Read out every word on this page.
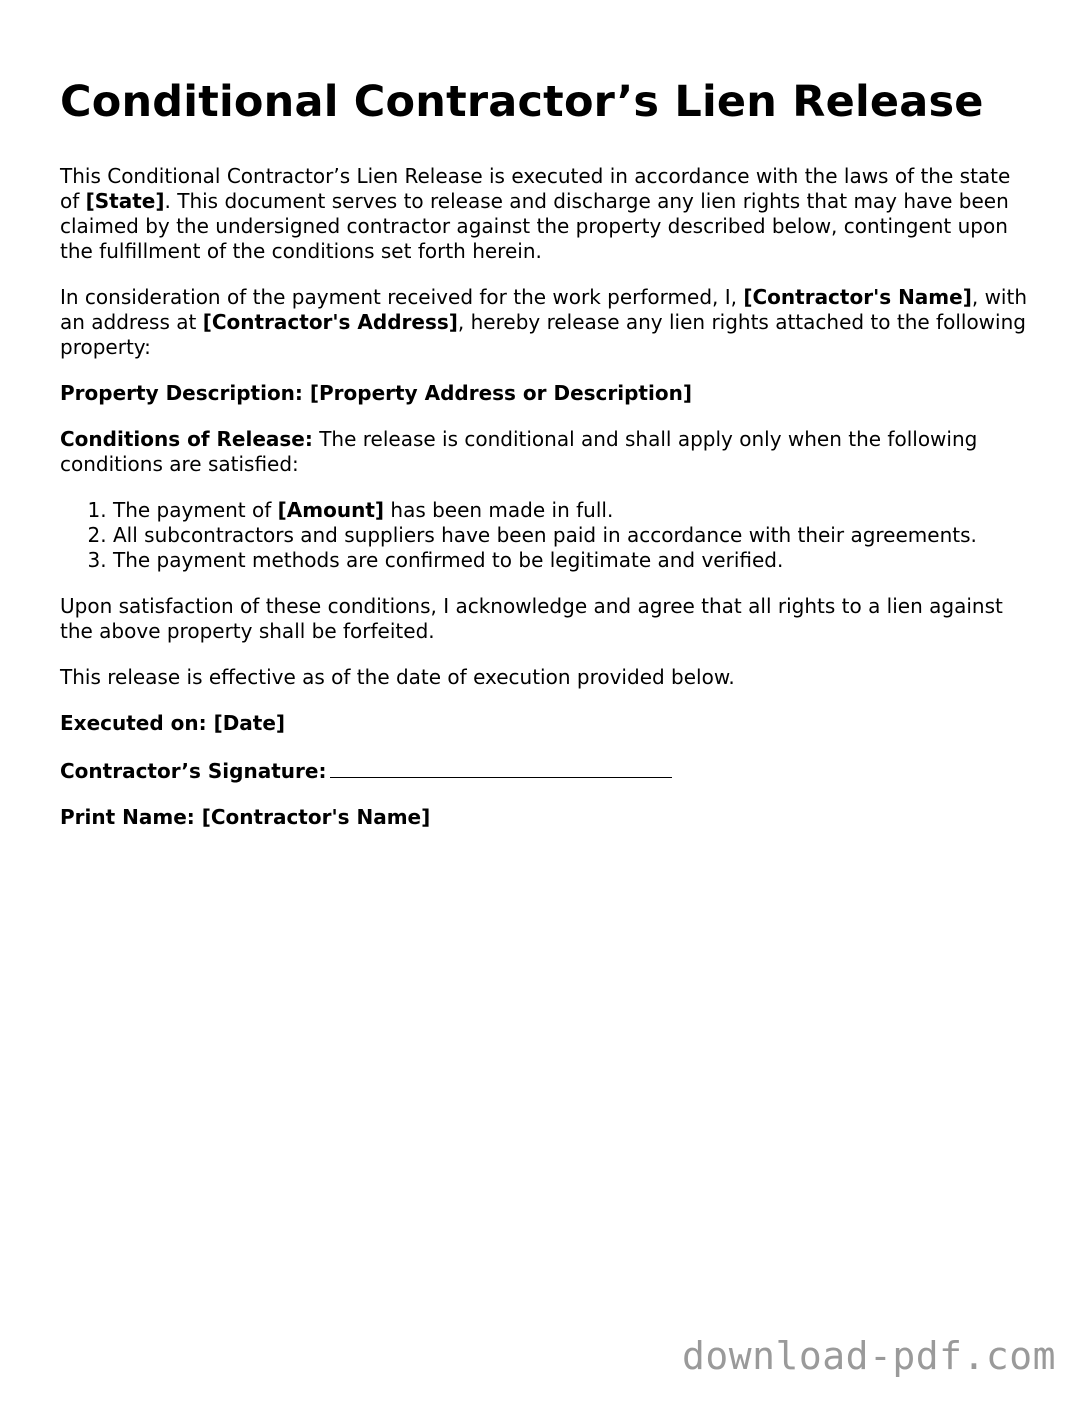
Conditional Contractor’s Lien Release

This Conditional Contractor’s Lien Release is executed in accordance with the laws of the state of [State]. This document serves to release and discharge any lien rights that may have been claimed by the undersigned contractor against the property described below, contingent upon the fulfillment of the conditions set forth herein.

In consideration of the payment received for the work performed, I, [Contractor's Name], with an address at [Contractor's Address], hereby release any lien rights attached to the following property:

Property Description: [Property Address or Description]

Conditions of Release: The release is conditional and shall apply only when the following conditions are satisfied:

1. The payment of [Amount] has been made in full.
2. All subcontractors and suppliers have been paid in accordance with their agreements.
3. The payment methods are confirmed to be legitimate and verified.

Upon satisfaction of these conditions, I acknowledge and agree that all rights to a lien against the above property shall be forfeited.

This release is effective as of the date of execution provided below.

Executed on: [Date]

Contractor’s Signature:

Print Name: [Contractor's Name]

download-pdf.com
